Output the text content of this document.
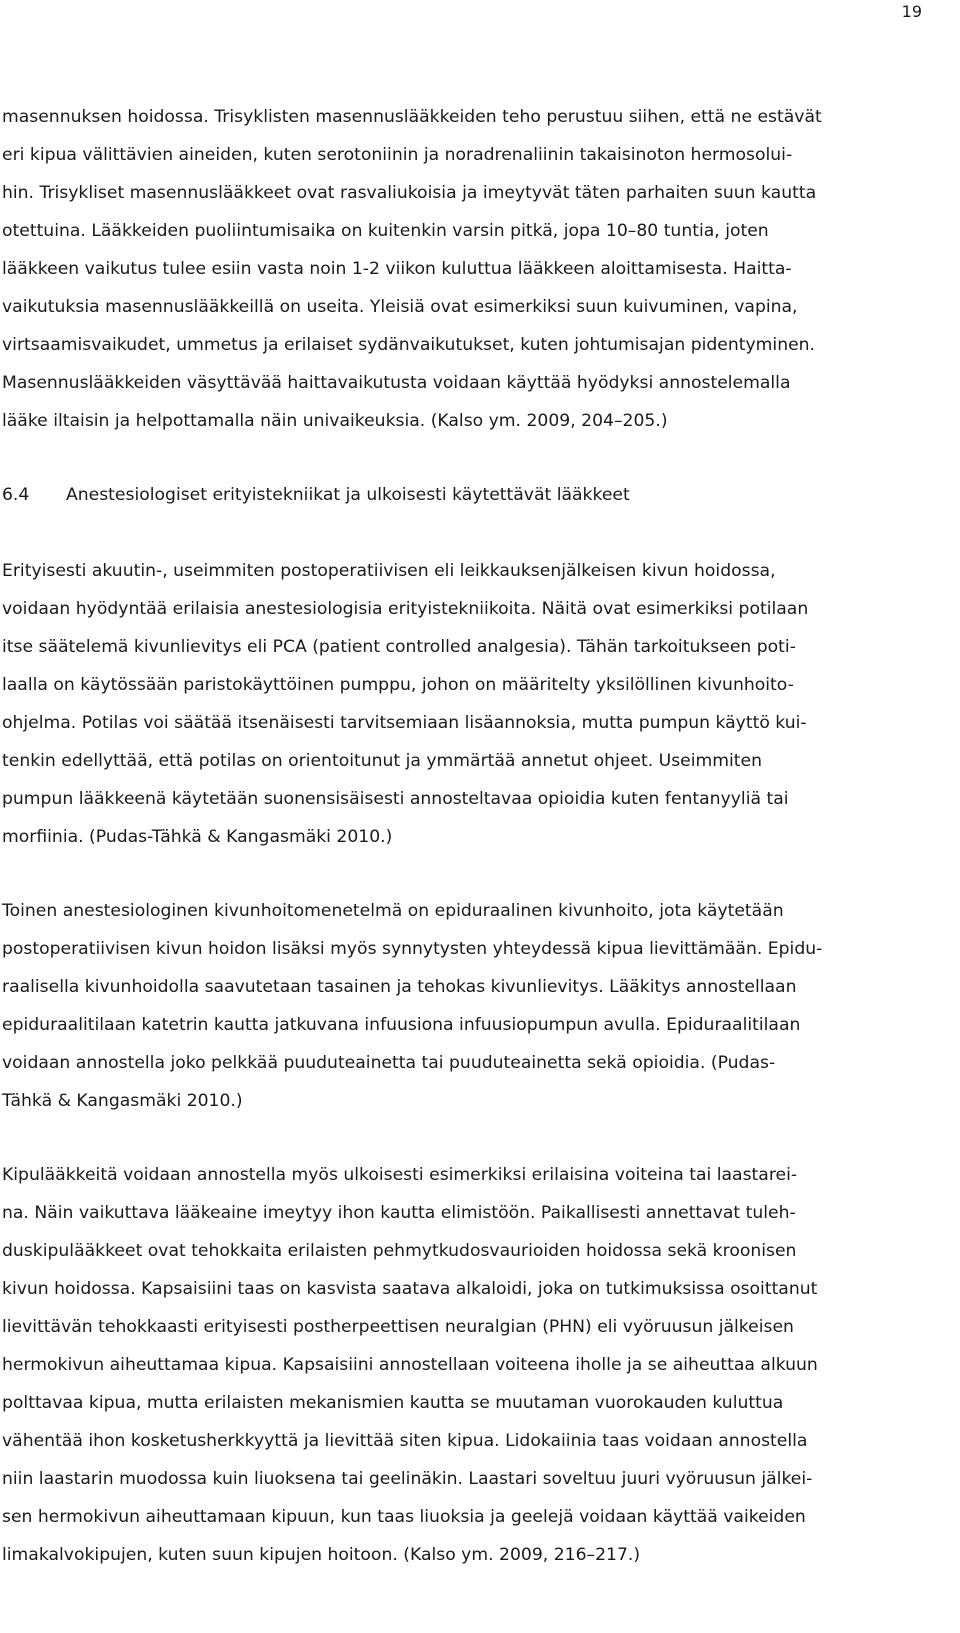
19
masennuksen hoidossa. Trisyklisten masennuslääkkeiden teho perustuu siihen, että ne estävät
eri kipua välittävien aineiden, kuten serotoniinin ja noradrenaliinin takaisinoton hermosolui-
hin. Trisykliset masennuslääkkeet ovat rasvaliukoisia ja imeytyvät täten parhaiten suun kautta
otettuina. Lääkkeiden puoliintumisaika on kuitenkin varsin pitkä, jopa 10–80 tuntia, joten
lääkkeen vaikutus tulee esiin vasta noin 1-2 viikon kuluttua lääkkeen aloittamisesta. Haitta-
vaikutuksia masennuslääkkeillä on useita. Yleisiä ovat esimerkiksi suun kuivuminen, vapina,
virtsaamisvaikudet, ummetus ja erilaiset sydänvaikutukset, kuten johtumisajan pidentyminen.
Masennuslääkkeiden väsyttävää haittavaikutusta voidaan käyttää hyödyksi annostelemalla
lääke iltaisin ja helpottamalla näin univaikeuksia. (Kalso ym. 2009, 204–205.)
6.4 Anestesiologiset erityistekniikat ja ulkoisesti käytettävät lääkkeet
Erityisesti akuutin-, useimmiten postoperatiivisen eli leikkauksenjälkeisen kivun hoidossa,
voidaan hyödyntää erilaisia anestesiologisia erityistekniikoita. Näitä ovat esimerkiksi potilaan
itse säätelemä kivunlievitys eli PCA (patient controlled analgesia). Tähän tarkoitukseen poti-
laalla on käytössään paristokäyttöinen pumppu, johon on määritelty yksilöllinen kivunhoito-
ohjelma. Potilas voi säätää itsenäisesti tarvitsemiaan lisäannoksia, mutta pumpun käyttö kui-
tenkin edellyttää, että potilas on orientoitunut ja ymmärtää annetut ohjeet. Useimmiten
pumpun lääkkeenä käytetään suonensisäisesti annosteltavaa opioidia kuten fentanyyliä tai
morfiinia. (Pudas-Tähkä & Kangasmäki 2010.)
Toinen anestesiologinen kivunhoitomenetelmä on epiduraalinen kivunhoito, jota käytetään
postoperatiivisen kivun hoidon lisäksi myös synnytysten yhteydessä kipua lievittämään. Epidu-
raalisella kivunhoidolla saavutetaan tasainen ja tehokas kivunlievitys. Lääkitys annostellaan
epiduraalitilaan katetrin kautta jatkuvana infuusiona infuusiopumpun avulla. Epiduraalitilaan
voidaan annostella joko pelkkää puuduteainetta tai puuduteainetta sekä opioidia. (Pudas-
Tähkä & Kangasmäki 2010.)
Kipulääkkeitä voidaan annostella myös ulkoisesti esimerkiksi erilaisina voiteina tai laastarei-
na. Näin vaikuttava lääkeaine imeytyy ihon kautta elimistöön. Paikallisesti annettavat tuleh-
duskipulääkkeet ovat tehokkaita erilaisten pehmytkudosvaurioiden hoidossa sekä kroonisen
kivun hoidossa. Kapsaisiini taas on kasvista saatava alkaloidi, joka on tutkimuksissa osoittanut
lievittävän tehokkaasti erityisesti postherpeettisen neuralgian (PHN) eli vyöruusun jälkeisen
hermokivun aiheuttamaa kipua. Kapsaisiini annostellaan voiteena iholle ja se aiheuttaa alkuun
polttavaa kipua, mutta erilaisten mekanismien kautta se muutaman vuorokauden kuluttua
vähentää ihon kosketusherkkyyttä ja lievittää siten kipua. Lidokaiinia taas voidaan annostella
niin laastarin muodossa kuin liuoksena tai geelinäkin. Laastari soveltuu juuri vyöruusun jälkei-
sen hermokivun aiheuttamaan kipuun, kun taas liuoksia ja geelejä voidaan käyttää vaikeiden
limakalvokipujen, kuten suun kipujen hoitoon. (Kalso ym. 2009, 216–217.)
